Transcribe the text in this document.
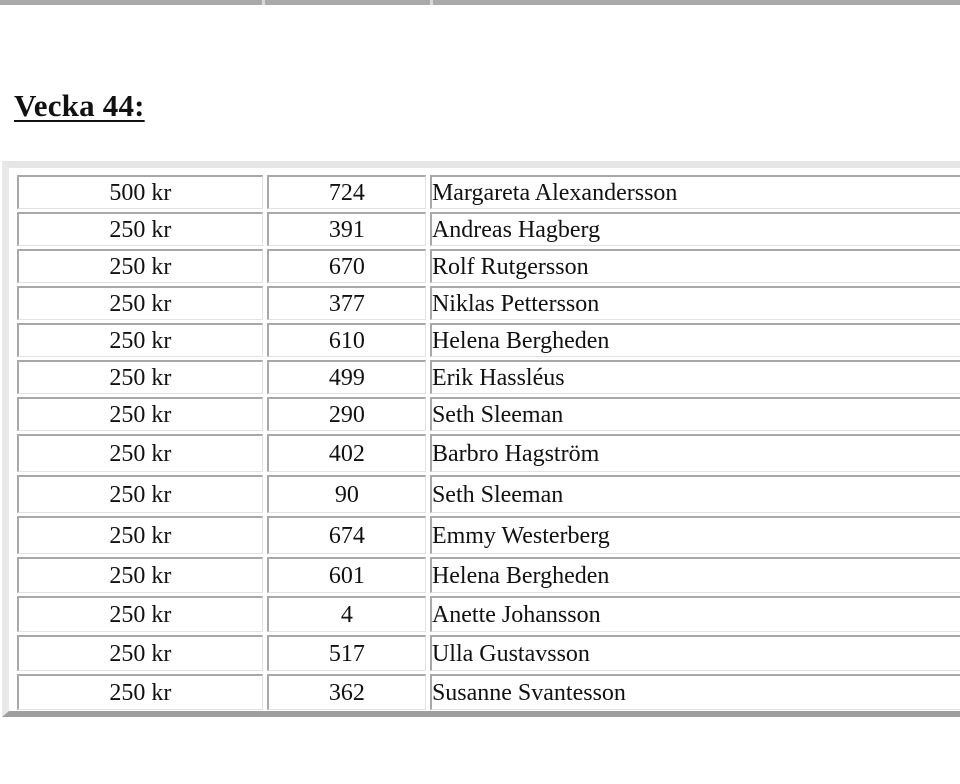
Vecka 44:
500 kr	724	Margareta Alexandersson
250 kr	391	Andreas Hagberg
250 kr	670	Rolf Rutgersson
250 kr	377	Niklas Pettersson
250 kr	610	Helena Bergheden
250 kr	499	Erik Hassléus
250 kr	290	Seth Sleeman
250 kr	402	Barbro Hagström
250 kr	90	Seth Sleeman
250 kr	674	Emmy Westerberg
250 kr	601	Helena Bergheden
250 kr	4	Anette Johansson
250 kr	517	Ulla Gustavsson
250 kr	362	Susanne Svantesson
